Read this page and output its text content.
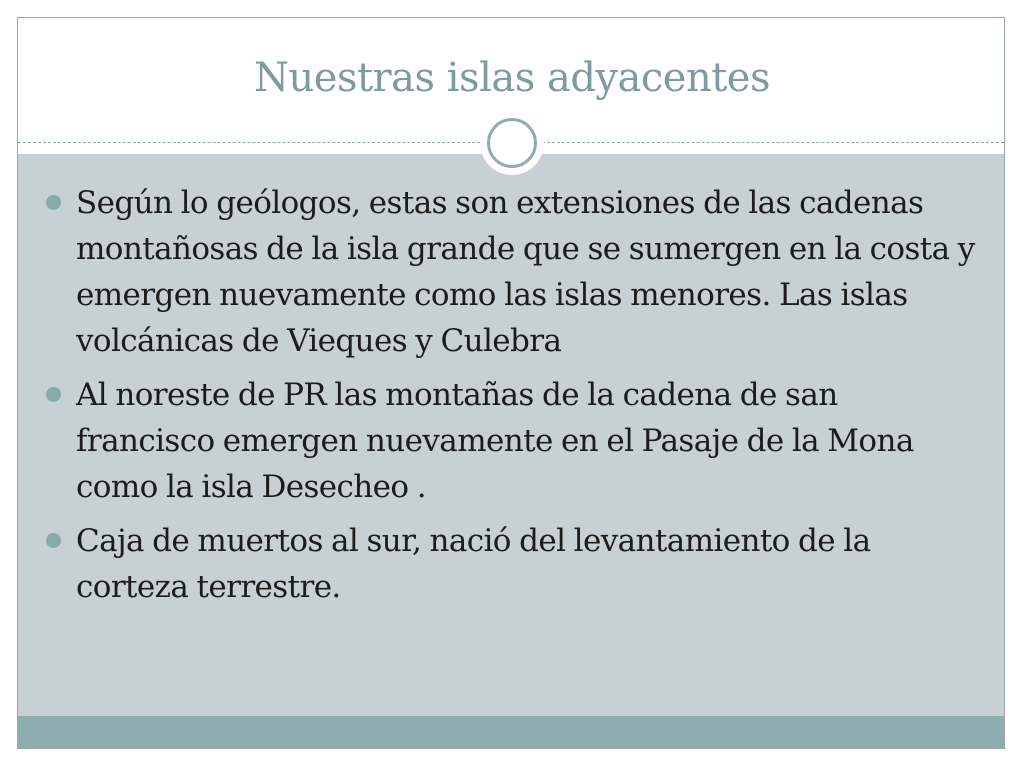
Nuestras islas adyacentes
Según lo geólogos, estas son extensiones de las cadenas montañosas de la isla grande que se sumergen en la costa y emergen nuevamente como las islas menores. Las islas volcánicas de Vieques y Culebra
Al noreste de PR las montañas de la cadena de san francisco emergen nuevamente en el Pasaje de la Mona como la isla Desecheo .
Caja de muertos al sur, nació del levantamiento de la corteza terrestre.
